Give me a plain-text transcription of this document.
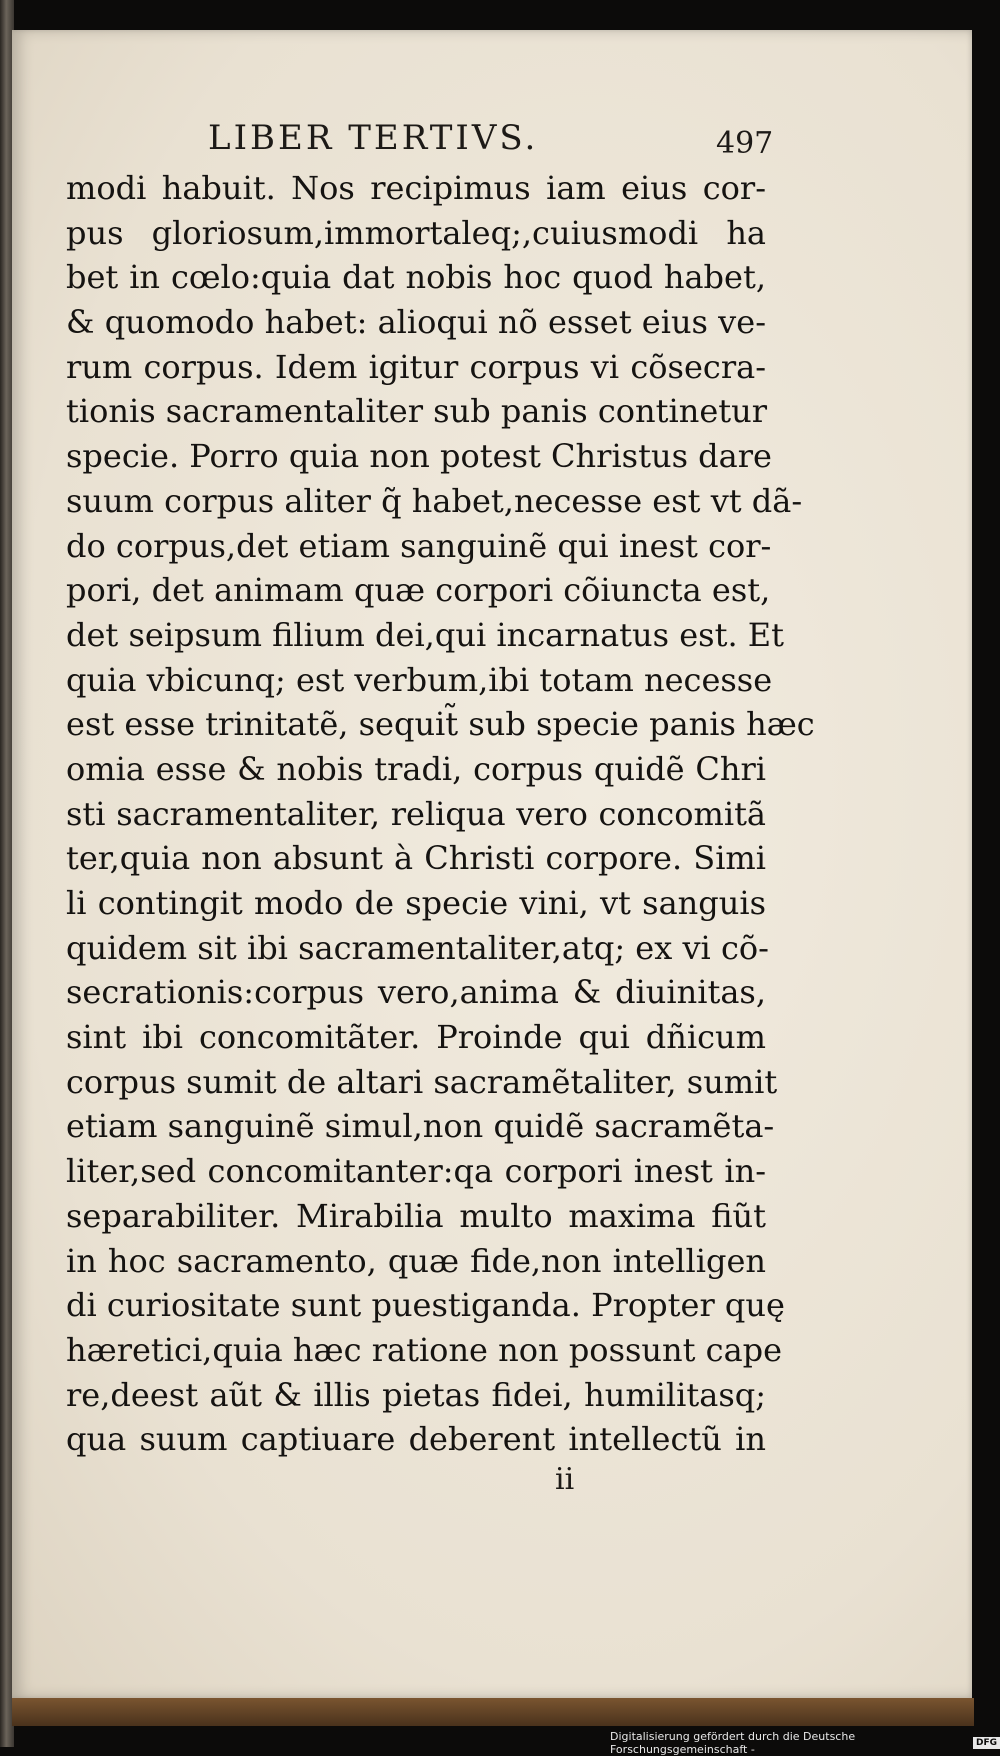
LIBER TERTIVS.	497
modi habuit. Nos recipimus iam eius cor-
pus gloriosum,immortaleq;,cuiusmodi ha
bet in cœlo:quia dat nobis hoc quod habet,
& quomodo habet: alioqui nõ esset eius ve-
rum corpus. Idem igitur corpus vi cõsecra-
tionis sacramentaliter sub panis continetur
specie. Porro quia non potest Christus dare
suum corpus aliter q̃ habet,necesse est vt dã-
do corpus,det etiam sanguinẽ qui inest cor-
pori, det animam quæ corpori cõiuncta est,
det seipsum filium dei,qui incarnatus est. Et
quia vbicunq; est verbum,ibi totam necesse
est esse trinitatẽ, sequit̃ sub specie panis hæc
omia esse & nobis tradi, corpus quidẽ Chri
sti sacramentaliter, reliqua vero concomitã
ter,quia non absunt à Christi corpore. Simi
li contingit modo de specie vini, vt sanguis
quidem sit ibi sacramentaliter,atq; ex vi cõ-
secrationis:corpus vero,anima & diuinitas,
sint ibi concomitãter. Proinde qui dñicum
corpus sumit de altari sacramẽtaliter, sumit
etiam sanguinẽ simul,non quidẽ sacramẽta-
liter,sed concomitanter:qa corpori inest in-
separabiliter. Mirabilia multo maxima fiũt
in hoc sacramento, quæ fide,non intelligen
di curiositate sunt puestiganda. Propter quę
hæretici,quia hæc ratione non possunt cape
re,deest aũt & illis pietas fidei, humilitasq;
qua suum captiuare deberent intellectũ in
ii
Digitalisierung gefördert durch die Deutsche Forschungsgemeinschaft -	DFG
